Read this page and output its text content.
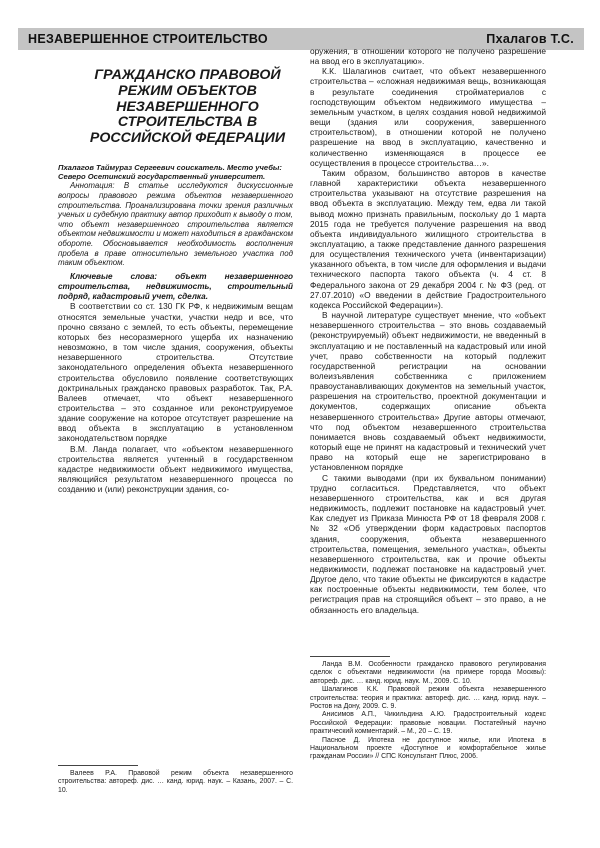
НЕЗАВЕРШЕННОЕ СТРОИТЕЛЬСТВО	Пхалагов Т.С.
ГРАЖДАНСКО ПРАВОВОЙ РЕЖИМ ОБЪЕКТОВ НЕЗАВЕРШЕННОГО СТРОИТЕЛЬСТВА В РОССИЙСКОЙ ФЕДЕРАЦИИ

Пхалагов Таймураз Сергеевич соискатель. Место учебы: Северо Осетинский государственный университет.

Аннотация: В статье исследуются дискуссионные вопросы правового режима объектов незавершенного строительства. Проанализирована точки зрения различных ученых и судебную практику автор приходит к выводу о том, что объект незавершенного строительства является объектом недвижимости и может находиться в гражданском обороте. Обосновывается необходимость восполнения пробела в праве относительно земельного участка под таким объектом.

Ключевые слова: объект незавершенного строительства, недвижимость, строительный подряд, кадастровый учет, сделка.

В соответствии со ст. 130 ГК РФ, к недвижимым вещам относятся земельные участки, участки недр и все, что прочно связано с землей, то есть объекты, перемещение которых без несоразмерного ущерба их назначению невозможно, в том числе здания, сооружения, объекты незавершенного строительства. Отсутствие законодательного определения объекта незавершенного строительства обусловило появление соответствующих доктринальных гражданско правовых разработок. Так, Р.А. Валеев отмечает, что объект незавершенного строительства – это созданное или реконструируемое здание сооружение на которое отсутствует разрешение на ввод объекта в эксплуатацию в установленном законодательством порядке

В.М. Ланда полагает, что «объектом незавершенного строительства является учтенный в государственном кадастре недвижимости объект недвижимого имущества, являющийся результатом незавершенного процесса по созданию и (или) реконструкции здания, со-

оружения, в отношении которого не получено разрешение на ввод его в эксплуатацию».

К.К. Шалагинов считает, что объект незавершенного строительства – «сложная недвижимая вещь, возникающая в результате соединения стройматериалов с господствующим объектом недвижимого имущества – земельным участком, в целях создания новой недвижимой вещи (здания или сооружения, завершенного строительством), в отношении которой не получено разрешение на ввод в эксплуатацию, качественно и количественно изменяющаяся в процессе ее осуществления в процессе строительства…».

Таким образом, большинство авторов в качестве главной характеристики объекта незавершенного строительства указывают на отсутствие разрешения на ввод объекта в эксплуатацию. Между тем, едва ли такой вывод можно признать правильным, поскольку до 1 марта 2015 года не требуется получение разрешения на ввод объекта индивидуального жилищного строительства в эксплуатацию, а также представление данного разрешения для осуществления технического учета (инвентаризации) указанного объекта, в том числе для оформления и выдачи технического паспорта такого объекта (ч. 4 ст. 8 Федерального закона от 29 декабря 2004 г. № ФЗ (ред. от 27.07.2010) «О введении в действие Градостроительного кодекса Российской Федерации»).

В научной литературе существует мнение, что «объект незавершенного строительства – это вновь создаваемый (реконструируемый) объект недвижимости, не введенный в эксплуатацию и не поставленный на кадастровый или иной учет, право собственности на который подлежит государственной регистрации на основании волеизъявления собственника с приложением правоустанавливающих документов на земельный участок, разрешения на строительство, проектной документации и документов, содержащих описание объекта незавершенного строительства» Другие авторы отмечают, что под объектом незавершенного строительства понимается вновь создаваемый объект недвижимости, который еще не принят на кадастровый и технический учет право на который еще не зарегистрировано в установленном порядке

С такими выводами (при их буквальном понимании) трудно согласиться. Представляется, что объект незавершенного строительства, как и вся другая недвижимость, подлежит постановке на кадастровый учет. Как следует из Приказа Минюста РФ от 18 февраля 2008 г. № 32 «Об утверждении форм кадастровых паспортов здания, сооружения, объекта незавершенного строительства, помещения, земельного участка», объекты незавершенного строительства, как и прочие объекты недвижимости, подлежат постановке на кадастровый учет. Другое дело, что такие объекты не фиксируются в кадастре как построенные объекты недвижимости, тем более, что регистрация прав на строящийся объект – это право, а не обязанность его владельца.

Валеев Р.А. Правовой режим объекта незавершенного строительства: автореф. дис. … канд. юрид. наук. – Казань, 2007. – С. 10.

Ланда В.М. Особенности гражданско правового регулирования сделок с объектами недвижимости (на примере города Москвы): автореф. дис. … канд. юрид. наук. М., 2009. С. 10.

Шалагинов К.К. Правовой режим объекта незавершенного строительства: теория и практика: автореф. дис. … канд. юрид. наук. – Ростов на Дону, 2009. С. 9.

Анисимов А.П., Чикильдина А.Ю. Градостроительный кодекс Российской Федерации: правовые новации. Постатейный научно практический комментарий. – М., 20 – С. 19.

Пасное Д. Ипотека не доступное жилье, или Ипотека в Национальном проекте «Доступное и комфортабельное жилье гражданам России» // СПС Консультант Плюс, 2006.
